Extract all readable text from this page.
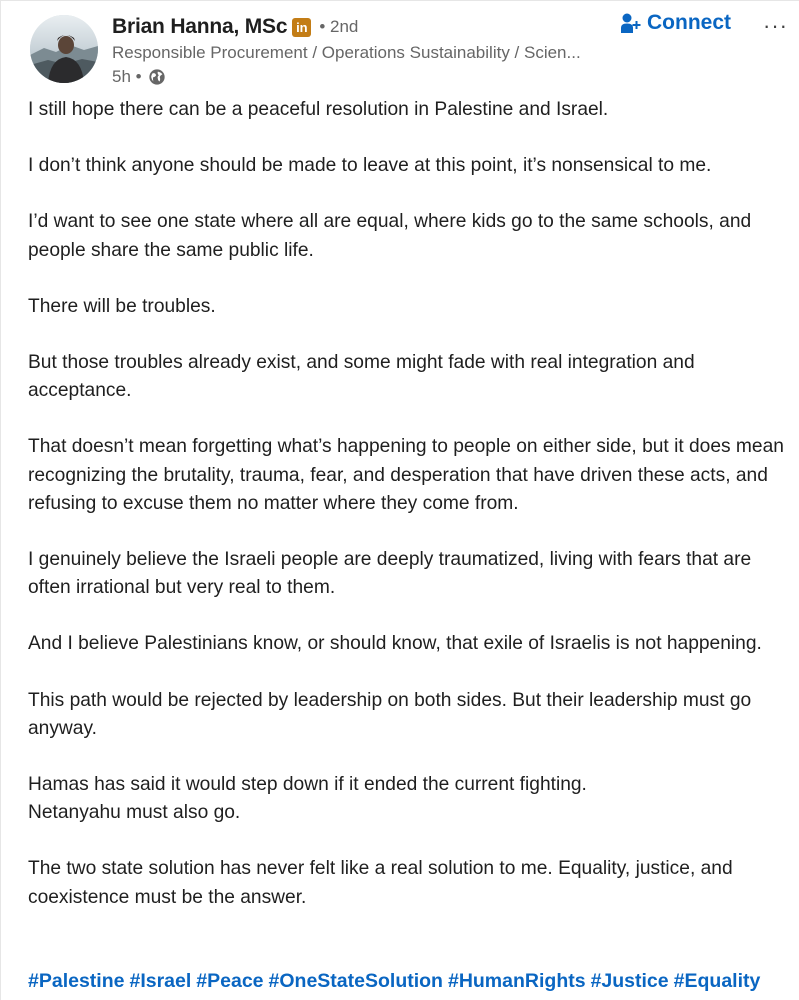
Brian Hanna, MSc in • 2nd
Responsible Procurement / Operations Sustainability / Scien...
5h •
Connect ···

I still hope there can be a peaceful resolution in Palestine and Israel.

I don’t think anyone should be made to leave at this point, it’s nonsensical to me.

I’d want to see one state where all are equal, where kids go to the same schools, and people share the same public life.

There will be troubles.

But those troubles already exist, and some might fade with real integration and acceptance.

That doesn’t mean forgetting what’s happening to people on either side, but it does mean recognizing the brutality, trauma, fear, and desperation that have driven these acts, and refusing to excuse them no matter where they come from.

I genuinely believe the Israeli people are deeply traumatized, living with fears that are often irrational but very real to them.

And I believe Palestinians know, or should know, that exile of Israelis is not happening.

This path would be rejected by leadership on both sides. But their leadership must go anyway.

Hamas has said it would step down if it ended the current fighting.
Netanyahu must also go.

The two state solution has never felt like a real solution to me. Equality, justice, and coexistence must be the answer.

#Palestine #Israel #Peace #OneStateSolution #HumanRights #Justice #Equality
